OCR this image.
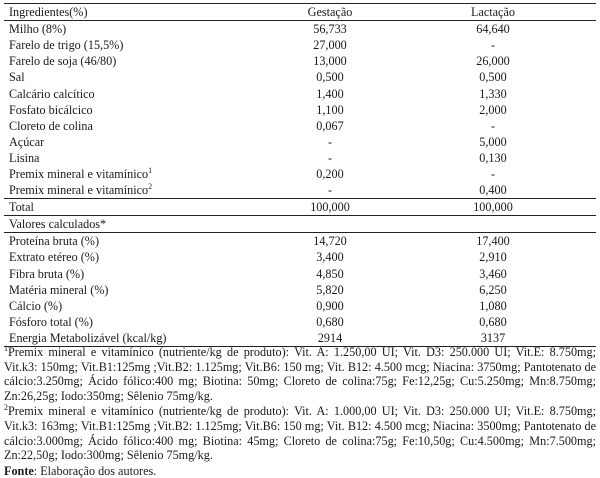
Ingredientes(%)	Gestação	Lactação
Milho (8%)	56,733	64,640
Farelo de trigo (15,5%)	27,000	-
Farelo de soja (46/80)	13,000	26,000
Sal	0,500	0,500
Calcário calcítico	1,400	1,330
Fosfato bicálcico	1,100	2,000
Cloreto de colina	0,067	-
Açúcar	-	5,000
Lisina	-	0,130
Premix mineral e vitamínico$^1$	0,200	-
Premix mineral e vitamínico$^2$	-	0,400
Total	100,000	100,000
Valores calculados*		
Proteína bruta (%)	14,720	17,400
Extrato etéreo (%)	3,400	2,910
Fibra bruta (%)	4,850	3,460
Matéria mineral (%)	5,820	6,250
Cálcio (%)	0,900	1,080
Fósforo total (%)	0,680	0,680
Energia Metabolizável (kcal/kg)	2914	3137

$^1$Premix mineral e vitamínico (nutriente/kg de produto): Vit. A: 1.250,00 UI; Vit. D3: 250.000 UI; Vit.E: 8.750mg; Vit.k3: 150mg; Vit.B1:125mg ;Vit.B2: 1.125mg; Vit.B6: 150 mg; Vit. B12: 4.500 mcg; Niacina: 3750mg; Pantotenato de cálcio:3.250mg; Ácido fólico:400 mg; Biotina: 50mg; Cloreto de colina:75g; Fe:12,25g; Cu:5.250mg; Mn:8.750mg; Zn:26,25g; Iodo:350mg; Sêlenio 75mg/kg.

$^2$Premix mineral e vitamínico (nutriente/kg de produto): Vit. A: 1.000,00 UI; Vit. D3: 250.000 UI; Vit.E: 8.750mg; Vit.k3: 163mg; Vit.B1:125mg ;Vit.B2: 1.125mg; Vit.B6: 150 mg; Vit. B12: 4.500 mcg; Niacina: 3500mg; Pantotenato de cálcio:3.000mg; Ácido fólico:400 mg; Biotina: 45mg; Cloreto de colina:75g; Fe:10,50g; Cu:4.500mg; Mn:7.500mg; Zn:22,50g; Iodo:300mg; Sêlenio 75mg/kg.

Fonte: Elaboração dos autores.
